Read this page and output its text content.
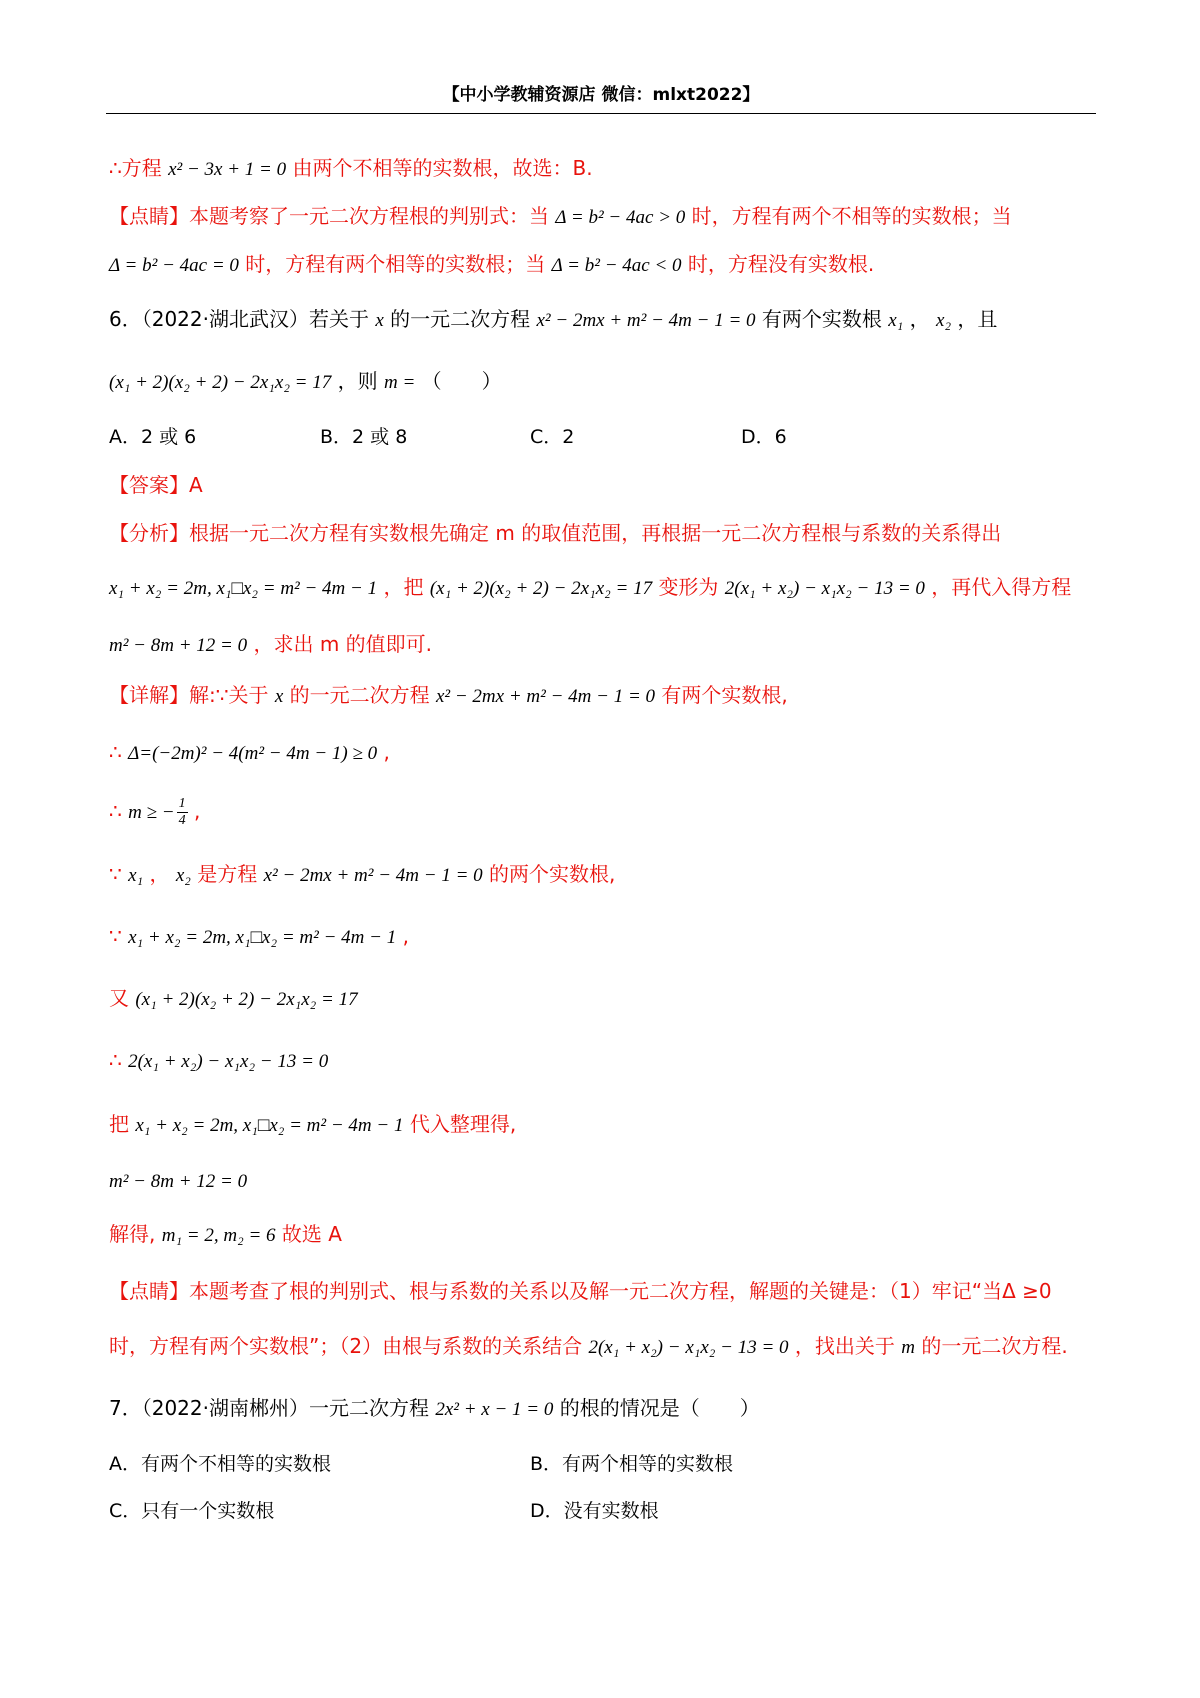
【中小学教辅资源店 微信：mlxt2022】
∴方程 x² − 3x + 1 = 0 由两个不相等的实数根，故选：B.
【点睛】本题考察了一元二次方程根的判别式：当 Δ = b² − 4ac > 0 时，方程有两个不相等的实数根；当
Δ = b² − 4ac = 0 时，方程有两个相等的实数根；当 Δ = b² − 4ac < 0 时，方程没有实数根.
6．（2022·湖北武汉）若关于 x 的一元二次方程 x² − 2mx + m² − 4m − 1 = 0 有两个实数根 x₁ ， x₂ ，且
(x₁ + 2)(x₂ + 2) − 2x₁x₂ = 17 ，则 m = （　　）
A．2 或 6	B．2 或 8	C．2	D．6
【答案】A
【分析】根据一元二次方程有实数根先确定 m 的取值范围，再根据一元二次方程根与系数的关系得出
x₁ + x₂ = 2m, x₁□x₂ = m² − 4m − 1 ，把 (x₁ + 2)(x₂ + 2) − 2x₁x₂ = 17 变形为 2(x₁ + x₂) − x₁x₂ − 13 = 0 ，再代入得方程
m² − 8m + 12 = 0 ，求出 m 的值即可.
【详解】解:∵关于 x 的一元二次方程 x² − 2mx + m² − 4m − 1 = 0 有两个实数根,
∴ Δ=(−2m)² − 4(m² − 4m − 1) ≥ 0 ,
∴ m ≥ − $\frac{1}{4}$ ,
∵ x₁ ， x₂ 是方程 x² − 2mx + m² − 4m − 1 = 0 的两个实数根,
∵ x₁ + x₂ = 2m, x₁□x₂ = m² − 4m − 1 ,
又 (x₁ + 2)(x₂ + 2) − 2x₁x₂ = 17
∴ 2(x₁ + x₂) − x₁x₂ − 13 = 0
把 x₁ + x₂ = 2m, x₁□x₂ = m² − 4m − 1 代入整理得,
m² − 8m + 12 = 0
解得, m₁ = 2, m₂ = 6 故选 A
【点睛】本题考查了根的判别式、根与系数的关系以及解一元二次方程，解题的关键是：（1）牢记“当Δ ≥0
时，方程有两个实数根”；（2）由根与系数的关系结合 2(x₁ + x₂) − x₁x₂ − 13 = 0 ，找出关于 m 的一元二次方程.
7．（2022·湖南郴州）一元二次方程 2x² + x − 1 = 0 的根的情况是（　　）
A．有两个不相等的实数根	B．有两个相等的实数根
C．只有一个实数根	D．没有实数根
